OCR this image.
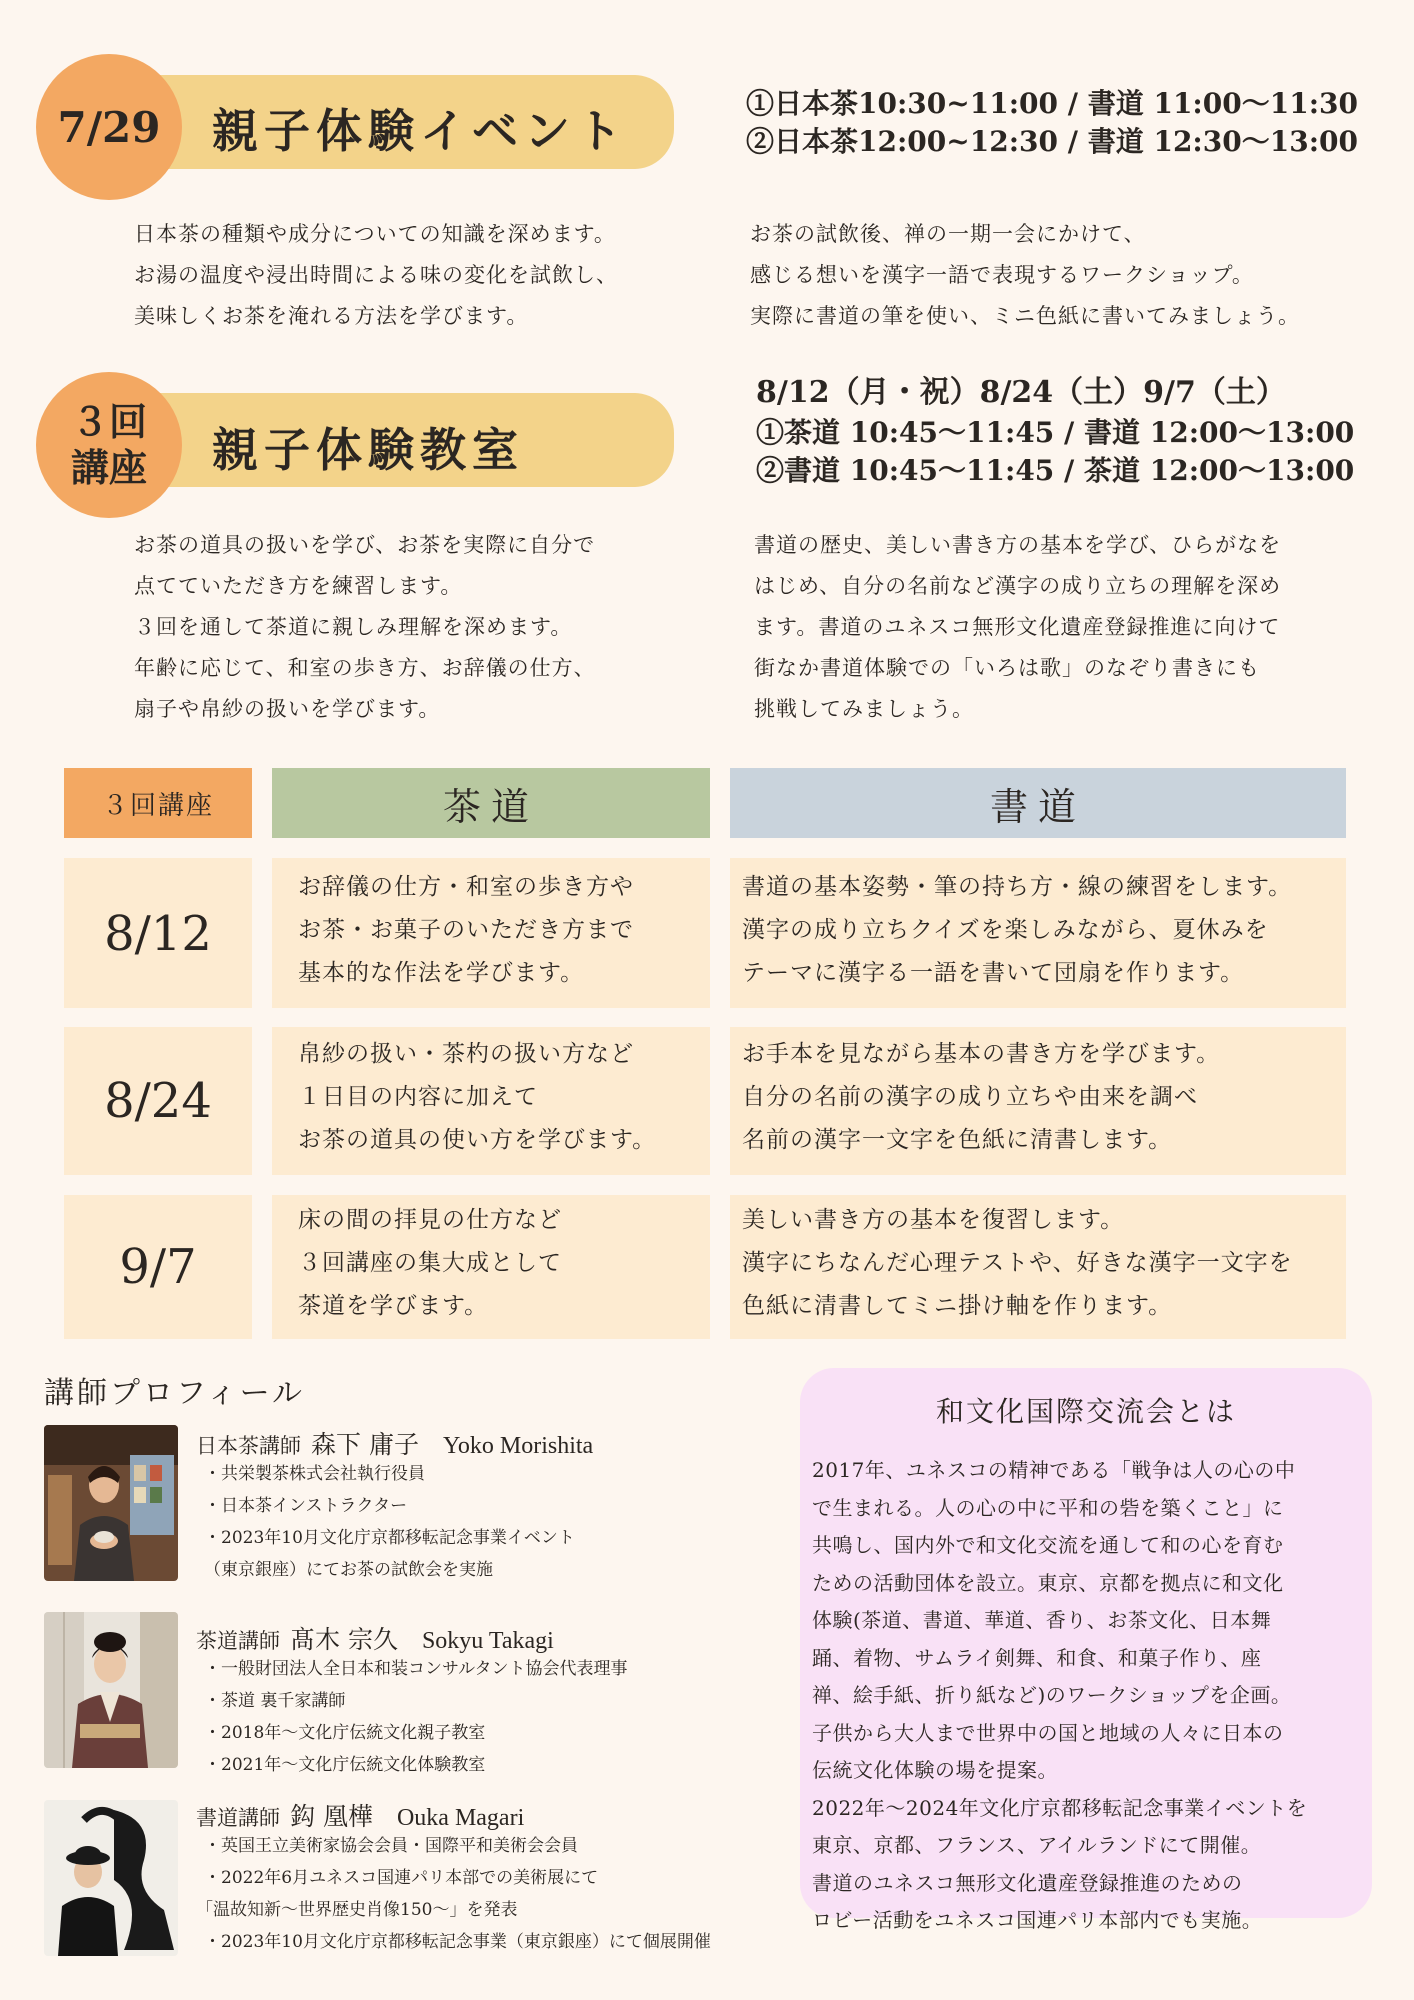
7/29 親子体験イベント
①日本茶10:30~11:00 / 書道 11:00〜11:30
②日本茶12:00~12:30 / 書道 12:30〜13:00
日本茶の種類や成分についての知識を深めます。
お湯の温度や浸出時間による味の変化を試飲し、
美味しくお茶を淹れる方法を学びます。
お茶の試飲後、禅の一期一会にかけて、
感じる想いを漢字一語で表現するワークショップ。
実際に書道の筆を使い、ミニ色紙に書いてみましょう。
３回
講座 親子体験教室
8/12（月・祝）8/24（土）9/7（土）
①茶道 10:45〜11:45 / 書道 12:00〜13:00
②書道 10:45〜11:45 / 茶道 12:00〜13:00
お茶の道具の扱いを学び、お茶を実際に自分で
点てていただき方を練習します。
３回を通して茶道に親しみ理解を深めます。
年齢に応じて、和室の歩き方、お辞儀の仕方、
扇子や帛紗の扱いを学びます。
書道の歴史、美しい書き方の基本を学び、ひらがなを
はじめ、自分の名前など漢字の成り立ちの理解を深め
ます。書道のユネスコ無形文化遺産登録推進に向けて
街なか書道体験での「いろは歌」のなぞり書きにも
挑戦してみましょう。
３回講座	茶道	書道
8/12
お辞儀の仕方・和室の歩き方や
お茶・お菓子のいただき方まで
基本的な作法を学びます。
書道の基本姿勢・筆の持ち方・線の練習をします。
漢字の成り立ちクイズを楽しみながら、夏休みを
テーマに漢字る一語を書いて団扇を作ります。
8/24
帛紗の扱い・茶杓の扱い方など
１日目の内容に加えて
お茶の道具の使い方を学びます。
お手本を見ながら基本の書き方を学びます。
自分の名前の漢字の成り立ちや由来を調べ
名前の漢字一文字を色紙に清書します。
9/7
床の間の拝見の仕方など
３回講座の集大成として
茶道を学びます。
美しい書き方の基本を復習します。
漢字にちなんだ心理テストや、好きな漢字一文字を
色紙に清書してミニ掛け軸を作ります。
講師プロフィール
日本茶講師 森下 庸子 Yoko Morishita
・共栄製茶株式会社執行役員
・日本茶インストラクター
・2023年10月文化庁京都移転記念事業イベント
（東京銀座）にてお茶の試飲会を実施
茶道講師 髙木 宗久 Sokyu Takagi
・一般財団法人全日本和装コンサルタント協会代表理事
・茶道 裏千家講師
・2018年～文化庁伝統文化親子教室
・2021年～文化庁伝統文化体験教室
書道講師 鈎 凰樺 Ouka Magari
・英国王立美術家協会会員・国際平和美術会会員
・2022年6月ユネスコ国連パリ本部での美術展にて
「温故知新～世界歴史肖像150～」を発表
・2023年10月文化庁京都移転記念事業（東京銀座）にて個展開催
和文化国際交流会とは
2017年、ユネスコの精神である「戦争は人の心の中
で生まれる。人の心の中に平和の砦を築くこと」に
共鳴し、国内外で和文化交流を通して和の心を育む
ための活動団体を設立。東京、京都を拠点に和文化
体験(茶道、書道、華道、香り、お茶文化、日本舞
踊、着物、サムライ剣舞、和食、和菓子作り、座
禅、絵手紙、折り紙など)のワークショップを企画。
子供から大人まで世界中の国と地域の人々に日本の
伝統文化体験の場を提案。
2022年～2024年文化庁京都移転記念事業イベントを
東京、京都、フランス、アイルランドにて開催。
書道のユネスコ無形文化遺産登録推進のための
ロビー活動をユネスコ国連パリ本部内でも実施。
